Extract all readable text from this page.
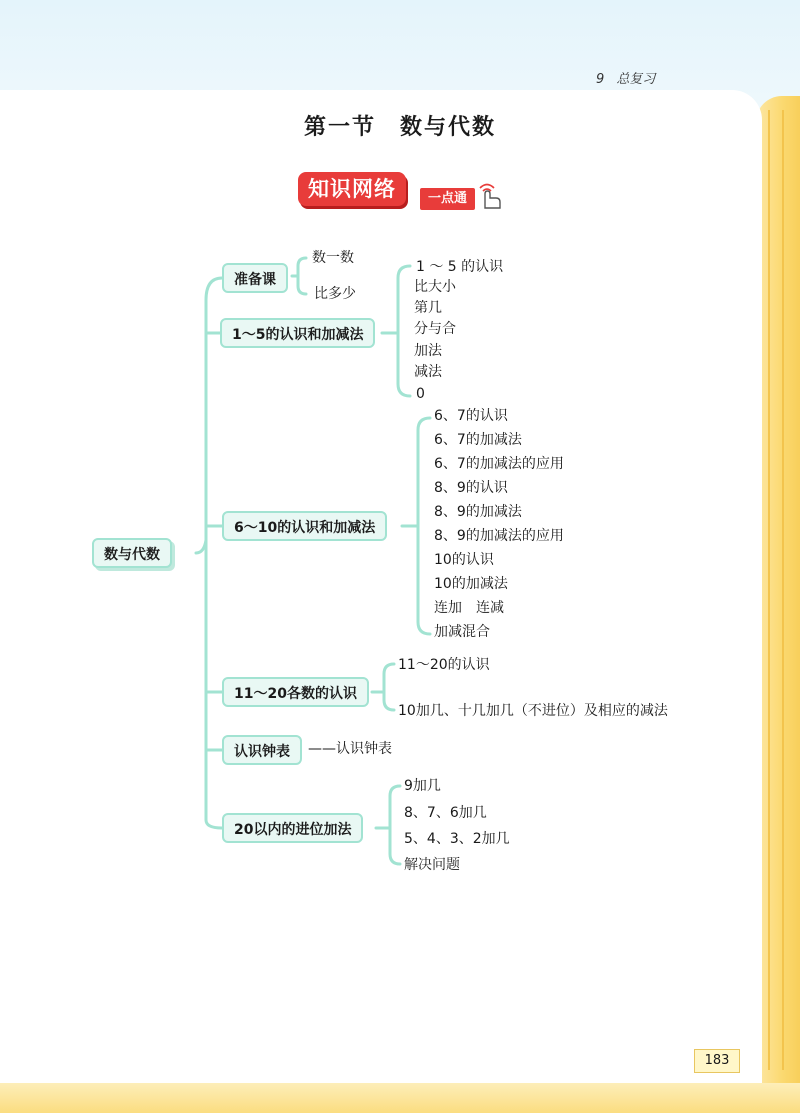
9 总复习
第一节　数与代数
知识网络	一点通
数与代数
准备课
1～5的认识和加减法
6～10的认识和加减法
11～20各数的认识
认识钟表
20以内的进位加法
数一数
比多少
1 ～ 5 的认识
比大小
第几
分与合
加法
减法
0
6、7的认识
6、7的加减法
6、7的加减法的应用
8、9的认识
8、9的加减法
8、9的加减法的应用
10的认识
10的加减法
连加　连减
加减混合
11～20的认识
10加几、十几加几（不进位）及相应的减法
——认识钟表
9加几
8、7、6加几
5、4、3、2加几
解决问题
183
